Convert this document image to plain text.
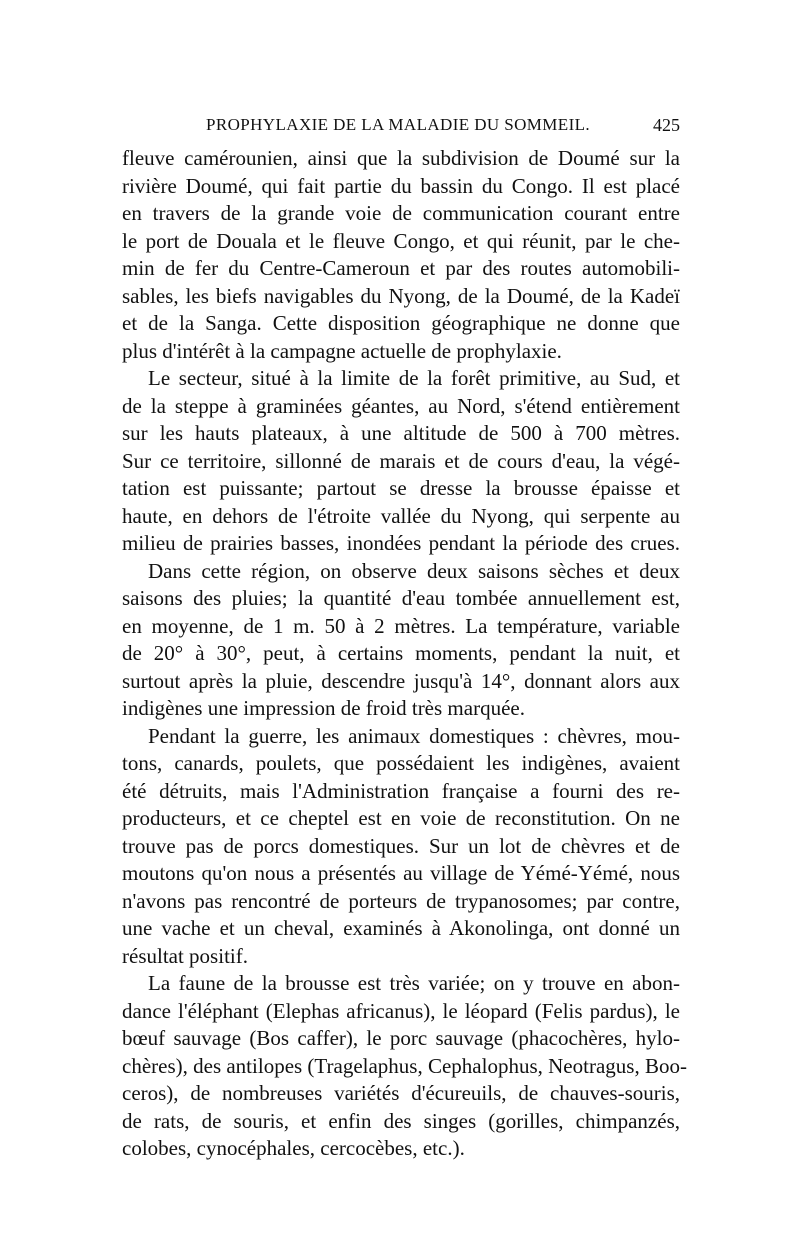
PROPHYLAXIE DE LA MALADIE DU SOMMEIL.	425
fleuve camérounien, ainsi que la subdivision de Doumé sur la
rivière Doumé, qui fait partie du bassin du Congo. Il est placé
en travers de la grande voie de communication courant entre
le port de Douala et le fleuve Congo, et qui réunit, par le che-
min de fer du Centre-Cameroun et par des routes automobili-
sables, les biefs navigables du Nyong, de la Doumé, de la Kadeï
et de la Sanga. Cette disposition géographique ne donne que
plus d'intérêt à la campagne actuelle de prophylaxie.
Le secteur, situé à la limite de la forêt primitive, au Sud, et
de la steppe à graminées géantes, au Nord, s'étend entièrement
sur les hauts plateaux, à une altitude de 500 à 700 mètres.
Sur ce territoire, sillonné de marais et de cours d'eau, la végé-
tation est puissante; partout se dresse la brousse épaisse et
haute, en dehors de l'étroite vallée du Nyong, qui serpente au
milieu de prairies basses, inondées pendant la période des crues.
Dans cette région, on observe deux saisons sèches et deux
saisons des pluies; la quantité d'eau tombée annuellement est,
en moyenne, de 1 m. 50 à 2 mètres. La température, variable
de 20° à 30°, peut, à certains moments, pendant la nuit, et
surtout après la pluie, descendre jusqu'à 14°, donnant alors aux
indigènes une impression de froid très marquée.
Pendant la guerre, les animaux domestiques : chèvres, mou-
tons, canards, poulets, que possédaient les indigènes, avaient
été détruits, mais l'Administration française a fourni des re-
producteurs, et ce cheptel est en voie de reconstitution. On ne
trouve pas de porcs domestiques. Sur un lot de chèvres et de
moutons qu'on nous a présentés au village de Yémé-Yémé, nous
n'avons pas rencontré de porteurs de trypanosomes; par contre,
une vache et un cheval, examinés à Akonolinga, ont donné un
résultat positif.
La faune de la brousse est très variée; on y trouve en abon-
dance l'éléphant (Elephas africanus), le léopard (Felis pardus), le
bœuf sauvage (Bos caffer), le porc sauvage (phacochères, hylo-
chères), des antilopes (Tragelaphus, Cephalophus, Neotragus, Boo-
ceros), de nombreuses variétés d'écureuils, de chauves-souris,
de rats, de souris, et enfin des singes (gorilles, chimpanzés,
colobes, cynocéphales, cercocèbes, etc.).
